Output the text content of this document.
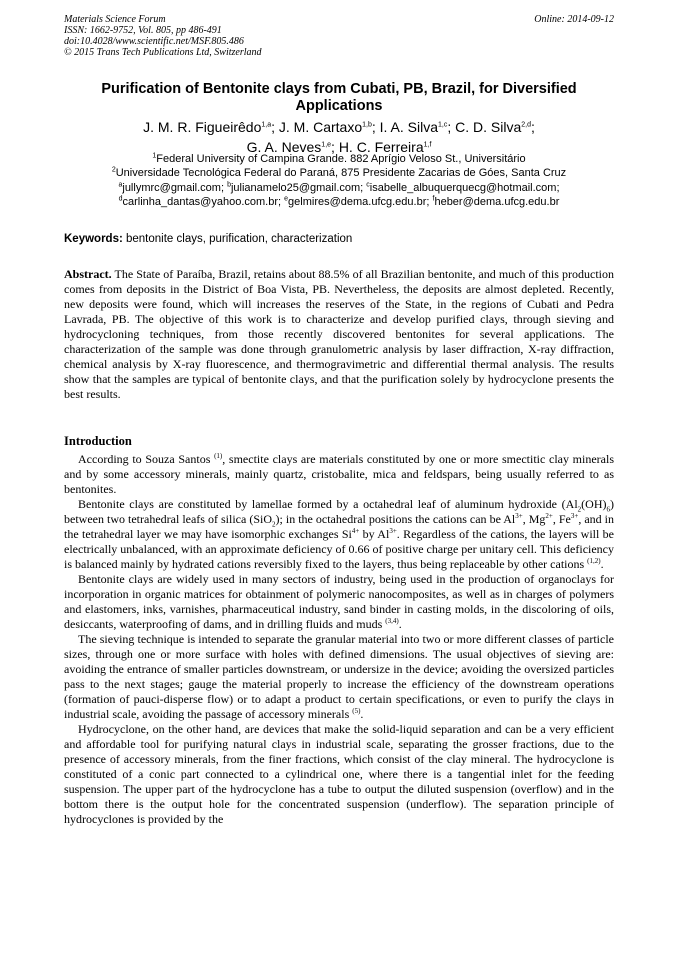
Materials Science Forum
ISSN: 1662-9752, Vol. 805, pp 486-491
doi:10.4028/www.scientific.net/MSF.805.486
© 2015 Trans Tech Publications Ltd, Switzerland
Online: 2014-09-12
Purification of Bentonite clays from Cubati, PB, Brazil, for Diversified Applications
J. M. R. Figueirêdo$^{1,a}$; J. M. Cartaxo$^{1,b}$; I. A. Silva$^{1,c}$; C. D. Silva$^{2,d}$;
G. A. Neves$^{1,e}$; H. C. Ferreira$^{1,f}$
$^1$Federal University of Campina Grande. 882 Aprígio Veloso St., Universitário
$^2$Universidade Tecnológica Federal do Paraná, 875 Presidente Zacarias de Góes, Santa Cruz
$^a$jullymrc@gmail.com; $^b$julianamelo25@gmail.com; $^c$isabelle_albuquerquecg@hotmail.com;
$^d$carlinha_dantas@yahoo.com.br; $^e$gelmires@dema.ufcg.edu.br; $^f$heber@dema.ufcg.edu.br
Keywords: bentonite clays, purification, characterization

Abstract. The State of Paraíba, Brazil, retains about 88.5% of all Brazilian bentonite, and much of this production comes from deposits in the District of Boa Vista, PB. Nevertheless, the deposits are almost depleted. Recently, new deposits were found, which will increases the reserves of the State, in the regions of Cubati and Pedra Lavrada, PB. The objective of this work is to characterize and develop purified clays, through sieving and hydrocycloning techniques, from those recently discovered bentonites for several applications. The characterization of the sample was done through granulometric analysis by laser diffraction, X-ray diffraction, chemical analysis by X-ray fluorescence, and thermogravimetric and differential thermal analysis. The results show that the samples are typical of bentonite clays, and that the purification solely by hydrocyclone presents the best results.

Introduction

According to Souza Santos $^{(1)}$, smectite clays are materials constituted by one or more smectitic clay minerals and by some accessory minerals, mainly quartz, cristobalite, mica and feldspars, being usually referred to as bentonites.

Bentonite clays are constituted by lamellae formed by a octahedral leaf of aluminum hydroxide $(Al_2(OH)_6)$ between two tetrahedral leafs of silica (SiO$_2$); in the octahedral positions the cations can be $Al^{3+}$, $Mg^{2+}$, $Fe^{3+}$, and in the tetrahedral layer we may have isomorphic exchanges $Si^{4+}$ by $Al^{3+}$. Regardless of the cations, the layers will be electrically unbalanced, with an approximate deficiency of 0.66 of positive charge per unitary cell. This deficiency is balanced mainly by hydrated cations reversibly fixed to the layers, thus being replaceable by other cations $^{(1,2)}$.

Bentonite clays are widely used in many sectors of industry, being used in the production of organoclays for incorporation in organic matrices for obtainment of polymeric nanocomposites, as well as in charges of polymers and elastomers, inks, varnishes, pharmaceutical industry, sand binder in casting molds, in the discoloring of oils, desiccants, waterproofing of dams, and in drilling fluids and muds $^{(3,4)}$.

The sieving technique is intended to separate the granular material into two or more different classes of particle sizes, through one or more surface with holes with defined dimensions. The usual objectives of sieving are: avoiding the entrance of smaller particles downstream, or undersize in the device; avoiding the oversized particles pass to the next stages; gauge the material properly to increase the efficiency of the downstream operations (formation of pauci-disperse flow) or to adapt a product to certain specifications, or even to purify the clays in industrial scale, avoiding the passage of accessory minerals $^{(5)}$.

Hydrocyclone, on the other hand, are devices that make the solid-liquid separation and can be a very efficient and affordable tool for purifying natural clays in industrial scale, separating the grosser fractions, due to the presence of accessory minerals, from the finer fractions, which consist of the clay mineral. The hydrocyclone is constituted of a conic part connected to a cylindrical one, where there is a tangential inlet for the feeding suspension. The upper part of the hydrocyclone has a tube to output the diluted suspension (overflow) and in the bottom there is the output hole for the concentrated suspension (underflow). The separation principle of hydrocyclones is provided by the
